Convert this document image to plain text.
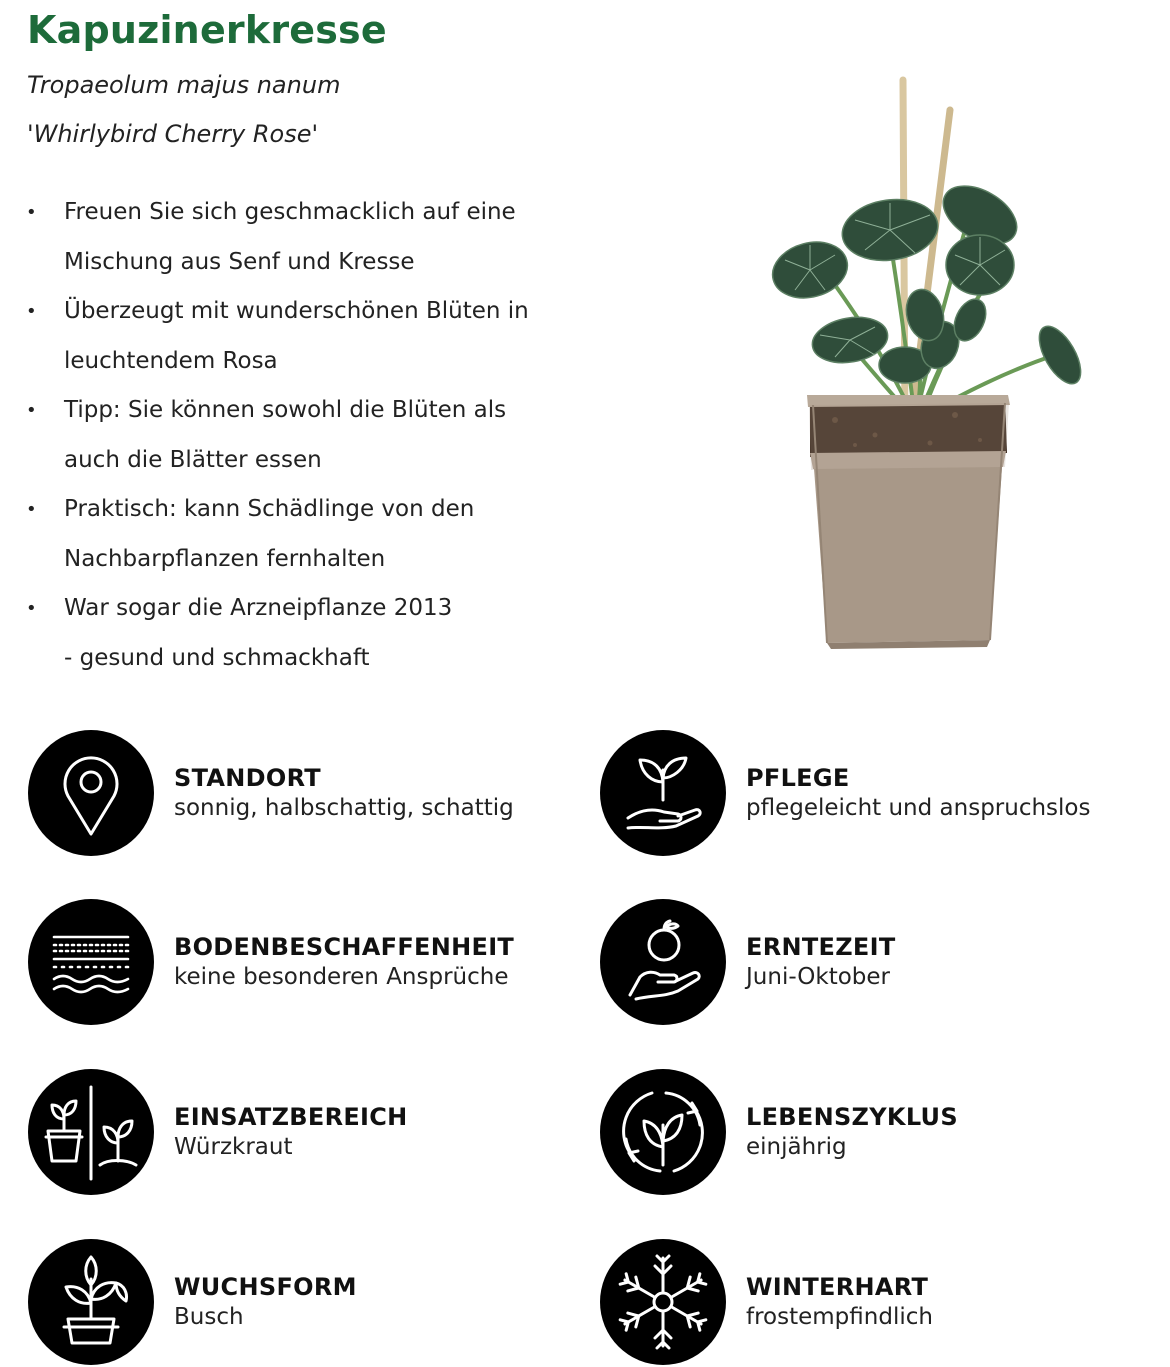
Kapuzinerkresse
Tropaeolum majus nanum
'Whirlybird Cherry Rose'
• Freuen Sie sich geschmacklich auf eine
Mischung aus Senf und Kresse
• Überzeugt mit wunderschönen Blüten in
leuchtendem Rosa
• Tipp: Sie können sowohl die Blüten als
auch die Blätter essen
• Praktisch: kann Schädlinge von den
Nachbarpflanzen fernhalten
• War sogar die Arzneipflanze 2013
- gesund und schmackhaft
STANDORT
sonnig, halbschattig, schattig
PFLEGE
pflegeleicht und anspruchslos
BODENBESCHAFFENHEIT
keine besonderen Ansprüche
ERNTEZEIT
Juni-Oktober
EINSATZBEREICH
Würzkraut
LEBENSZYKLUS
einjährig
WUCHSFORM
Busch
WINTERHART
frostempfindlich
